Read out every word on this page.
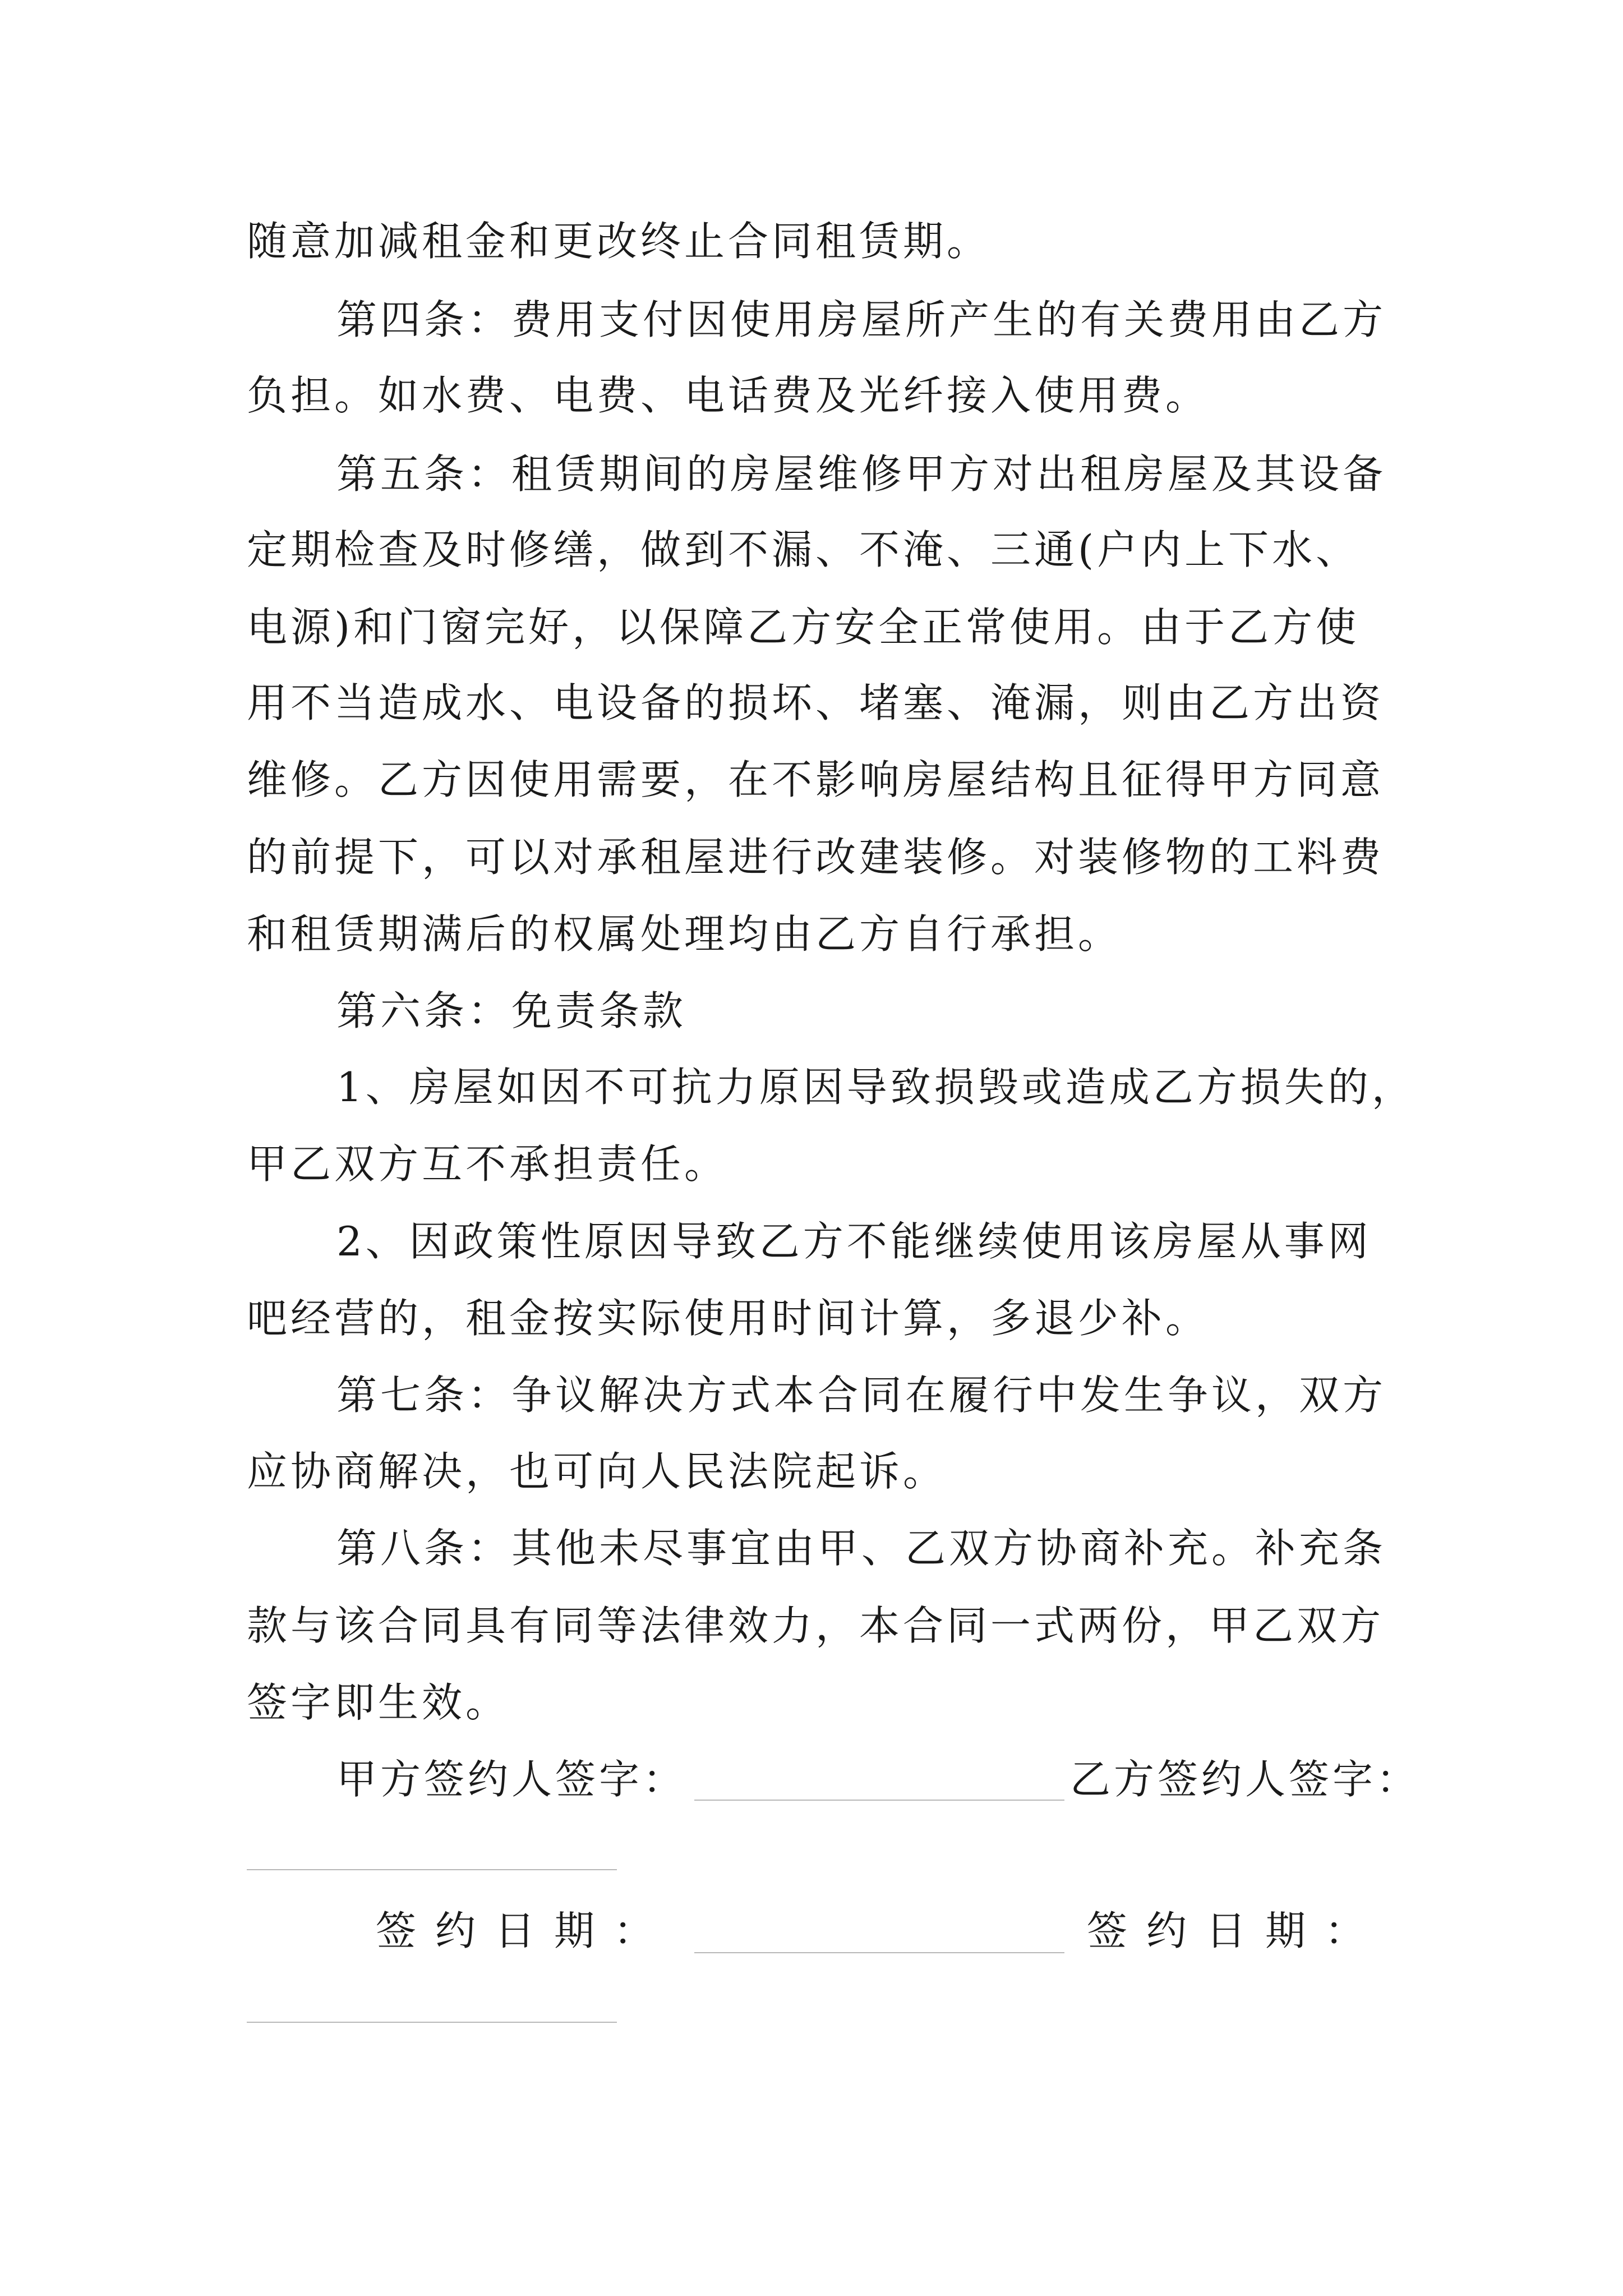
随意加减租金和更改终止合同租赁期。
第四条：费用支付因使用房屋所产生的有关费用由乙方
负担。如水费、电费、电话费及光纤接入使用费。
第五条：租赁期间的房屋维修甲方对出租房屋及其设备
定期检查及时修缮，做到不漏、不淹、三通(户内上下水、
电源)和门窗完好，以保障乙方安全正常使用。由于乙方使
用不当造成水、电设备的损坏、堵塞、淹漏，则由乙方出资
维修。乙方因使用需要，在不影响房屋结构且征得甲方同意
的前提下，可以对承租屋进行改建装修。对装修物的工料费
和租赁期满后的权属处理均由乙方自行承担。
第六条：免责条款
1、房屋如因不可抗力原因导致损毁或造成乙方损失的，
甲乙双方互不承担责任。
2、因政策性原因导致乙方不能继续使用该房屋从事网
吧经营的，租金按实际使用时间计算，多退少补。
第七条：争议解决方式本合同在履行中发生争议，双方
应协商解决，也可向人民法院起诉。
第八条：其他未尽事宜由甲、乙双方协商补充。补充条
款与该合同具有同等法律效力，本合同一式两份，甲乙双方
签字即生效。
甲方签约人签字：	乙方签约人签字：
签约日期：	签约日期：
